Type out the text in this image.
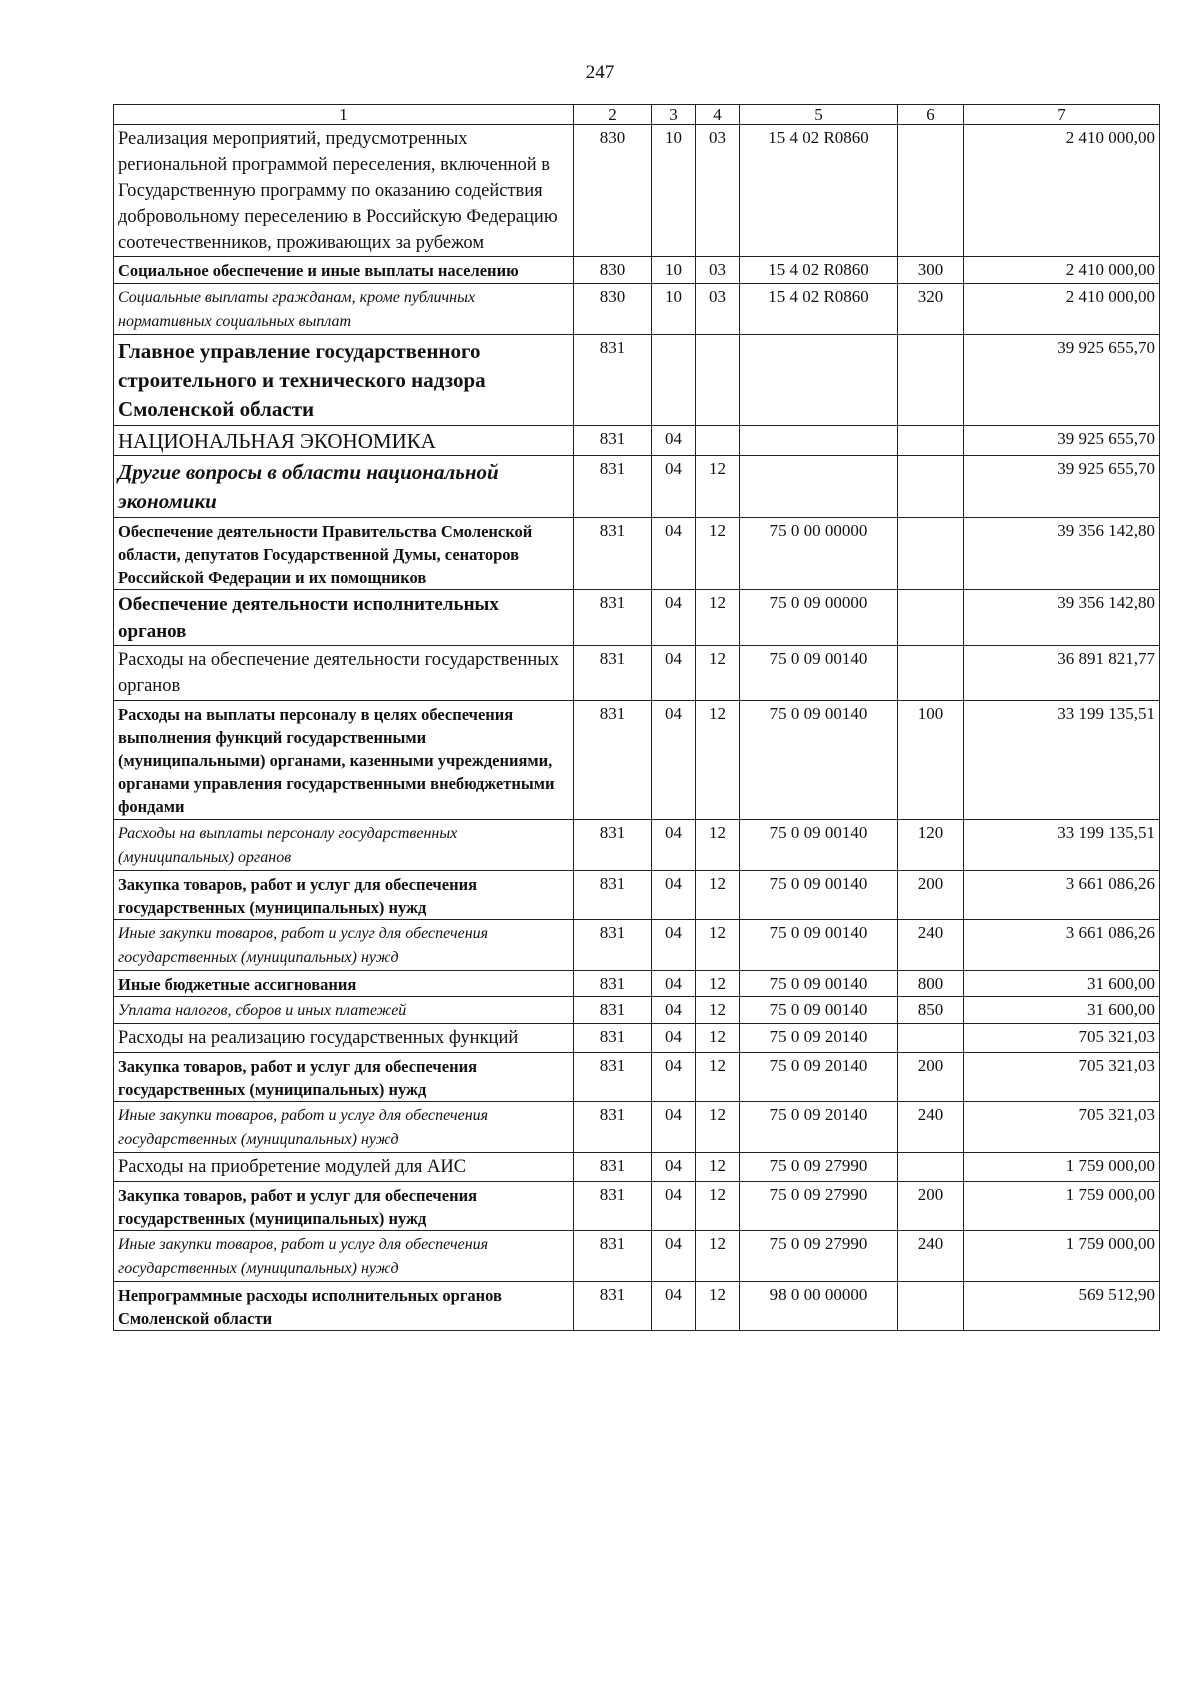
247
1	2	3	4	5	6	7
Реализация мероприятий, предусмотренных региональной программой переселения, включенной в Государственную программу по оказанию содействия добровольному переселению в Российскую Федерацию соотечественников, проживающих за рубежом	830	10	03	15 4 02 R0860		2 410 000,00
Социальное обеспечение и иные выплаты населению	830	10	03	15 4 02 R0860	300	2 410 000,00
Социальные выплаты гражданам, кроме публичных нормативных социальных выплат	830	10	03	15 4 02 R0860	320	2 410 000,00
Главное управление государственного строительного и технического надзора Смоленской области	831					39 925 655,70
НАЦИОНАЛЬНАЯ ЭКОНОМИКА	831	04				39 925 655,70
Другие вопросы в области национальной экономики	831	04	12			39 925 655,70
Обеспечение деятельности Правительства Смоленской области, депутатов Государственной Думы, сенаторов Российской Федерации и их помощников	831	04	12	75 0 00 00000		39 356 142,80
Обеспечение деятельности исполнительных органов	831	04	12	75 0 09 00000		39 356 142,80
Расходы на обеспечение деятельности государственных органов	831	04	12	75 0 09 00140		36 891 821,77
Расходы на выплаты персоналу в целях обеспечения выполнения функций государственными (муниципальными) органами, казенными учреждениями, органами управления государственными внебюджетными фондами	831	04	12	75 0 09 00140	100	33 199 135,51
Расходы на выплаты персоналу государственных (муниципальных) органов	831	04	12	75 0 09 00140	120	33 199 135,51
Закупка товаров, работ и услуг для обеспечения государственных (муниципальных) нужд	831	04	12	75 0 09 00140	200	3 661 086,26
Иные закупки товаров, работ и услуг для обеспечения государственных (муниципальных) нужд	831	04	12	75 0 09 00140	240	3 661 086,26
Иные бюджетные ассигнования	831	04	12	75 0 09 00140	800	31 600,00
Уплата налогов, сборов и иных платежей	831	04	12	75 0 09 00140	850	31 600,00
Расходы на реализацию государственных функций	831	04	12	75 0 09 20140		705 321,03
Закупка товаров, работ и услуг для обеспечения государственных (муниципальных) нужд	831	04	12	75 0 09 20140	200	705 321,03
Иные закупки товаров, работ и услуг для обеспечения государственных (муниципальных) нужд	831	04	12	75 0 09 20140	240	705 321,03
Расходы на приобретение модулей для АИС	831	04	12	75 0 09 27990		1 759 000,00
Закупка товаров, работ и услуг для обеспечения государственных (муниципальных) нужд	831	04	12	75 0 09 27990	200	1 759 000,00
Иные закупки товаров, работ и услуг для обеспечения государственных (муниципальных) нужд	831	04	12	75 0 09 27990	240	1 759 000,00
Непрограммные расходы исполнительных органов Смоленской области	831	04	12	98 0 00 00000		569 512,90
